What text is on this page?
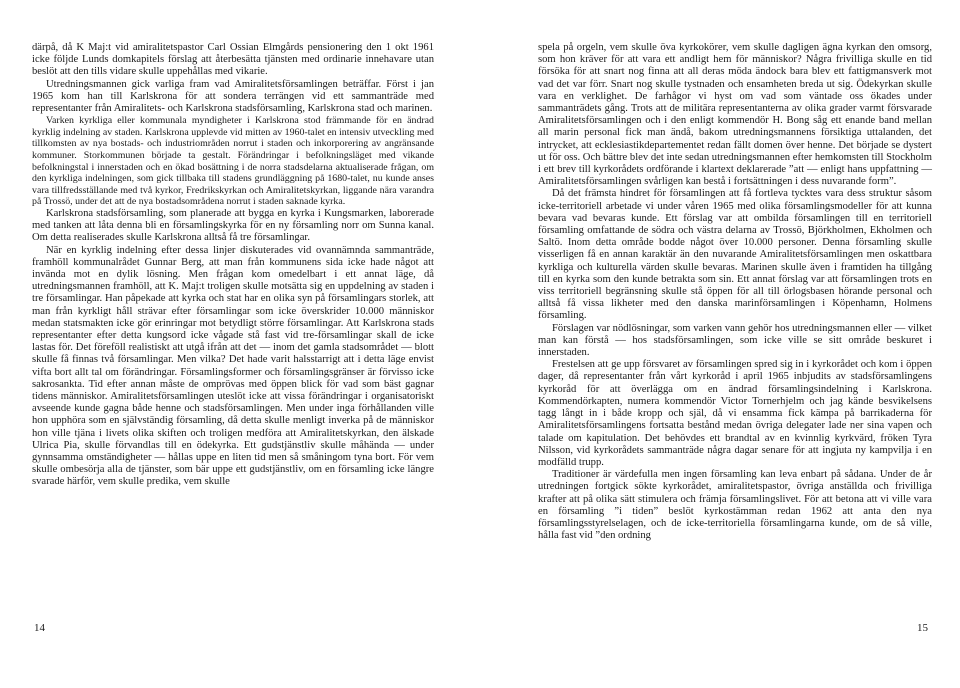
därpå, då K Maj:t vid amiralitetspastor Carl Ossian Elmgårds pensionering den 1 okt 1961 icke följde Lunds domkapitels förslag att återbesätta tjänsten med ordinarie innehavare utan beslöt att den tills vidare skulle uppehållas med vikarie.

Utredningsmannen gick varliga fram vad Amiralitetsförsamlingen beträffar. Först i jan 1965 kom han till Karlskrona för att sondera terrängen vid ett sammanträde med representanter från Amiralitets- och Karlskrona stadsförsamling, Karlskrona stad och marinen.

Varken kyrkliga eller kommunala myndigheter i Karlskrona stod främmande för en ändrad kyrklig indelning av staden. Karlskrona upplevde vid mitten av 1960-talet en intensiv utveckling med tillkomsten av nya bostads- och industriområden norrut i staden och inkorporering av angränsande kommuner. Storkommunen började ta gestalt. Förändringar i befolkningsläget med vikande befolkningstal i innerstaden och en ökad bosättning i de norra stadsdelarna aktualiserade frågan, om den kyrkliga indelningen, som gick tillbaka till stadens grundläggning på 1680-talet, nu kunde anses vara tillfredsställande med två kyrkor, Fredrikskyrkan och Amiralitetskyrkan, liggande nära varandra på Trossö, under det att de nya bostadsområdena norrut i staden saknade kyrka.

Karlskrona stadsförsamling, som planerade att bygga en kyrka i Kungsmarken, laborerade med tanken att låta denna bli en församlingskyrka för en ny församling norr om Sunna kanal. Om detta realiserades skulle Karlskrona alltså få tre församlingar.

När en kyrklig indelning efter dessa linjer diskuterades vid ovannämnda sammanträde, framhöll kommunalrådet Gunnar Berg, att man från kommunens sida icke hade något att invända mot en dylik lösning. Men frågan kom omedelbart i ett annat läge, då utredningsmannen framhöll, att K. Maj:t troligen skulle motsätta sig en uppdelning av staden i tre församlingar. Han påpekade att kyrka och stat har en olika syn på församlingars storlek, att man från kyrkligt håll strävar efter församlingar som icke överskrider 10.000 människor medan statsmakten icke gör erinringar mot betydligt större församlingar. Att Karlskrona stads representanter efter detta kungsord icke vågade stå fast vid tre-församlingar skall de icke lastas för. Det föreföll realistiskt att utgå ifrån att det — inom det gamla stadsområdet — blott skulle få finnas två församlingar. Men vilka? Det hade varit halsstarrigt att i detta läge envist vifta bort allt tal om förändringar. Församlingsformer och församlingsgränser är förvisso icke sakrosankta. Tid efter annan måste de omprövas med öppen blick för vad som bäst gagnar tidens människor. Amiralitetsförsamlingen uteslöt icke att vissa förändringar i organisatoriskt avseende kunde gagna både henne och stadsförsamlingen. Men under inga förhållanden ville hon upphöra som en självständig församling, då detta skulle menligt inverka på de människor hon ville tjäna i livets olika skiften och troligen medföra att Amiralitetskyrkan, den älskade Ulrica Pia, skulle förvandlas till en ödekyrka. Ett gudstjänstliv skulle måhända — under gynnsamma omständigheter — hållas uppe en liten tid men så småningom tyna bort. För vem skulle ombesörja alla de tjänster, som bär uppe ett gudstjänstliv, om en församling icke längre svarade härför, vem skulle predika, vem skulle

14

spela på orgeln, vem skulle öva kyrkokörer, vem skulle dagligen ägna kyrkan den omsorg, som hon kräver för att vara ett andligt hem för människor? Några frivilliga skulle en tid försöka för att snart nog finna att all deras möda ändock bara blev ett fattigmansverk mot vad det var förr. Snart nog skulle tystnaden och ensamheten breda ut sig. Ödekyrkan skulle vara en verklighet. De farhågor vi hyst om vad som väntade oss ökades under sammanträdets gång. Trots att de militära representanterna av olika grader varmt försvarade Amiralitetsförsamlingen och i den enligt kommendör H. Bong såg ett enande band mellan all marin personal fick man ändå, bakom utredningsmannens försiktiga uttalanden, det intrycket, att ecklesiastikdepartementet redan fällt domen över henne. Det började se dystert ut för oss. Och bättre blev det inte sedan utredningsmannen efter hemkomsten till Stockholm i ett brev till kyrkorådets ordförande i klartext deklarerade ”att — enligt hans uppfattning — Amiralitetsförsamlingen svårligen kan bestå i fortsättningen i dess nuvarande form”.

Då det främsta hindret för församlingen att få fortleva tycktes vara dess struktur såsom icke-territoriell arbetade vi under våren 1965 med olika församlingsmodeller för att kunna bevara vad bevaras kunde. Ett förslag var att ombilda församlingen till en territoriell församling omfattande de södra och västra delarna av Trossö, Björkholmen, Ekholmen och Saltö. Inom detta område bodde något över 10.000 personer. Denna församling skulle visserligen få en annan karaktär än den nuvarande Amiralitetsförsamlingen men oskattbara kyrkliga och kulturella värden skulle bevaras. Marinen skulle även i framtiden ha tillgång till en kyrka som den kunde betrakta som sin. Ett annat förslag var att församlingen trots en viss territoriell begränsning skulle stå öppen för all till örlogsbasen hörande personal och alltså få vissa likheter med den danska marinförsamlingen i Köpenhamn, Holmens församling.

Förslagen var nödlösningar, som varken vann gehör hos utredningsmannen eller — vilket man kan förstå — hos stadsförsamlingen, som icke ville se sitt område beskuret i innerstaden.

Frestelsen att ge upp försvaret av församlingen spred sig in i kyrkorådet och kom i öppen dager, då representanter från vårt kyrkoråd i april 1965 inbjudits av stadsförsamlingens kyrkoråd för att överlägga om en ändrad församlingsindelning i Karlskrona. Kommendörkapten, numera kommendör Victor Tornerhjelm och jag kände besvikelsens tagg långt in i både kropp och själ, då vi ensamma fick kämpa på barrikaderna för Amiralitetsförsamlingens fortsatta bestånd medan övriga delegater lade ner sina vapen och talade om kapitulation. Det behövdes ett brandtal av en kvinnlig kyrkvärd, fröken Tyra Nilsson, vid kyrkorådets sammanträde några dagar senare för att ingjuta ny kampvilja i en modfälld trupp.

Traditioner är värdefulla men ingen församling kan leva enbart på sådana. Under de år utredningen fortgick sökte kyrkorådet, amiralitetspastor, övriga anställda och frivilliga krafter att på olika sätt stimulera och främja församlingslivet. För att betona att vi ville vara en församling ”i tiden” beslöt kyrkostämman redan 1962 att anta den nya församlingsstyrelselagen, och de icke-territoriella församlingarna kunde, om de så ville, hålla fast vid ”den ordning

15
